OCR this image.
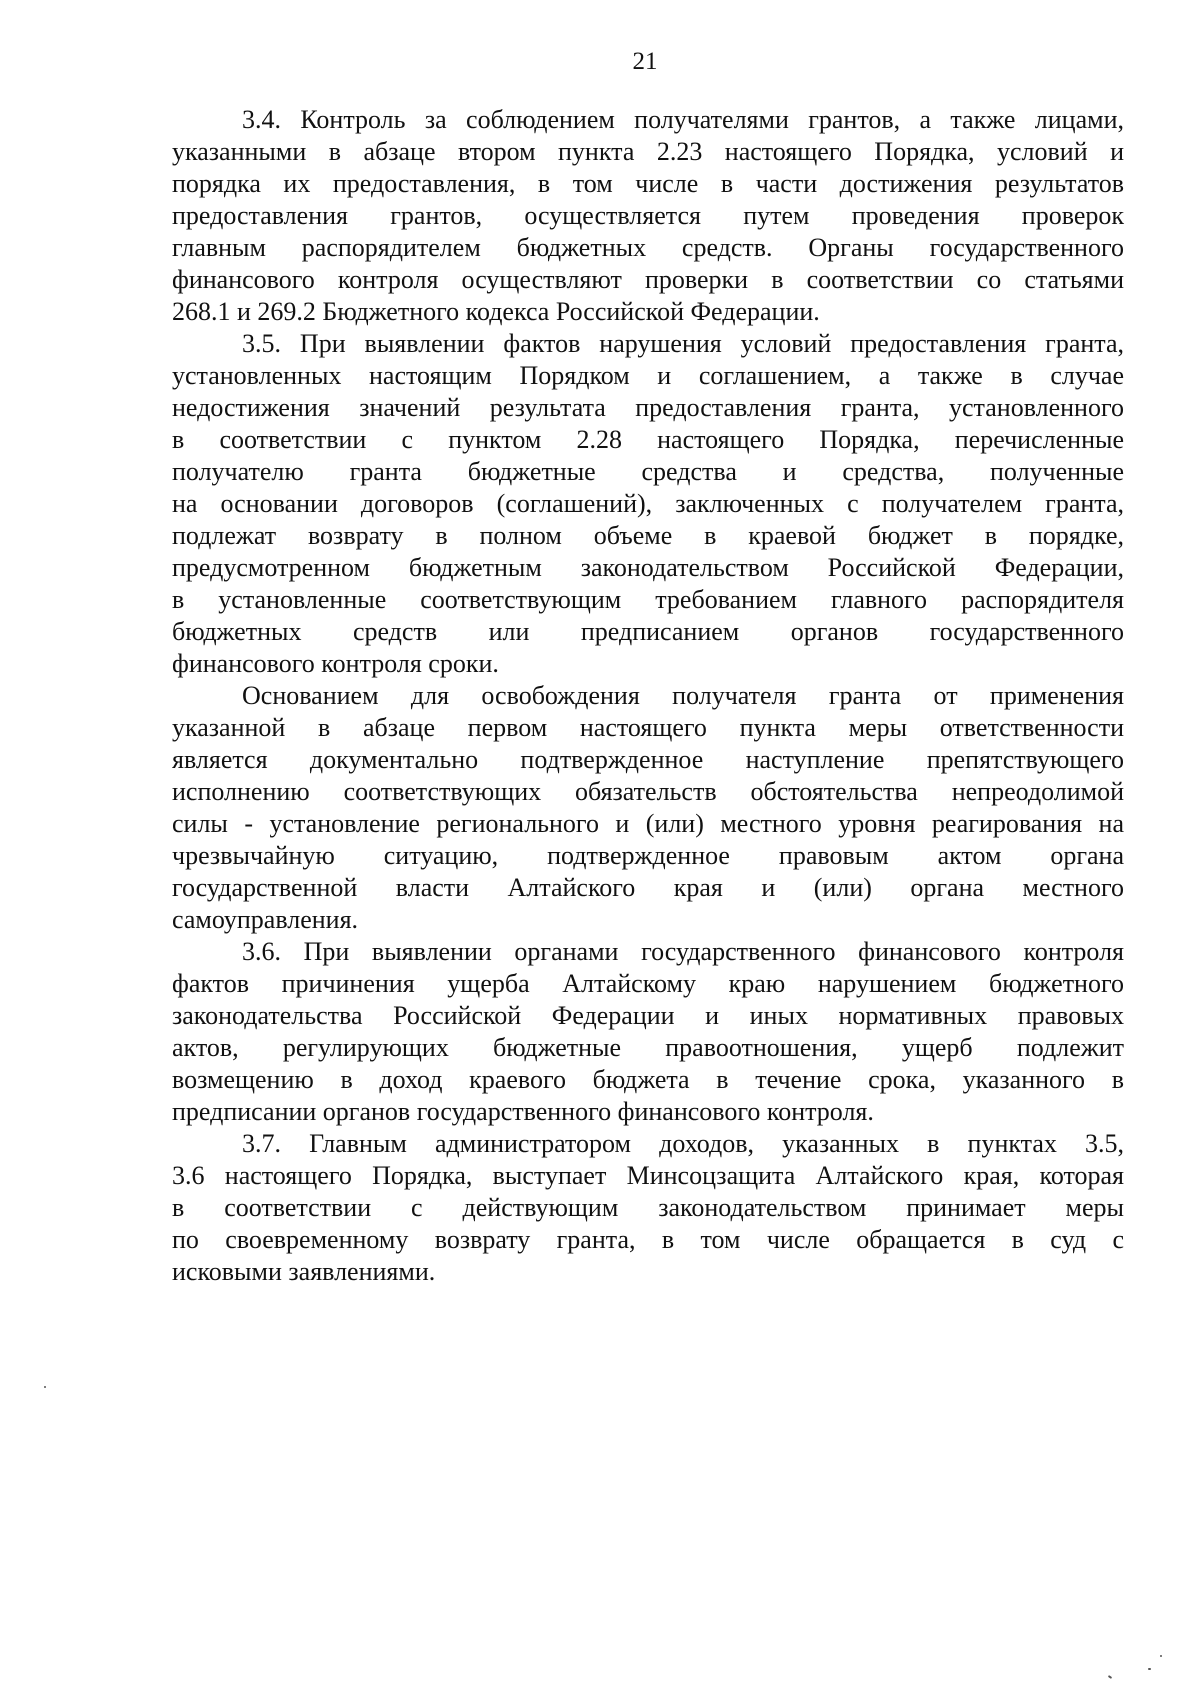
21
3.4. Контроль за соблюдением получателями грантов, а также лицами,
указанными в абзаце втором пункта 2.23 настоящего Порядка, условий и
порядка их предоставления, в том числе в части достижения результатов
предоставления грантов, осуществляется путем проведения проверок
главным распорядителем бюджетных средств. Органы государственного
финансового контроля осуществляют проверки в соответствии со статьями
268.1 и 269.2 Бюджетного кодекса Российской Федерации.
3.5. При выявлении фактов нарушения условий предоставления гранта,
установленных настоящим Порядком и соглашением, а также в случае
недостижения значений результата предоставления гранта, установленного
в соответствии с пунктом 2.28 настоящего Порядка, перечисленные
получателю гранта бюджетные средства и средства, полученные
на основании договоров (соглашений), заключенных с получателем гранта,
подлежат возврату в полном объеме в краевой бюджет в порядке,
предусмотренном бюджетным законодательством Российской Федерации,
в установленные соответствующим требованием главного распорядителя
бюджетных средств или предписанием органов государственного
финансового контроля сроки.
Основанием для освобождения получателя гранта от применения
указанной в абзаце первом настоящего пункта меры ответственности
является документально подтвержденное наступление препятствующего
исполнению соответствующих обязательств обстоятельства непреодолимой
силы - установление регионального и (или) местного уровня реагирования на
чрезвычайную ситуацию, подтвержденное правовым актом органа
государственной власти Алтайского края и (или) органа местного
самоуправления.
3.6. При выявлении органами государственного финансового контроля
фактов причинения ущерба Алтайскому краю нарушением бюджетного
законодательства Российской Федерации и иных нормативных правовых
актов, регулирующих бюджетные правоотношения, ущерб подлежит
возмещению в доход краевого бюджета в течение срока, указанного в
предписании органов государственного финансового контроля.
3.7. Главным администратором доходов, указанных в пунктах 3.5,
3.6 настоящего Порядка, выступает Минсоцзащита Алтайского края, которая
в соответствии с действующим законодательством принимает меры
по своевременному возврату гранта, в том числе обращается в суд с
исковыми заявлениями.
